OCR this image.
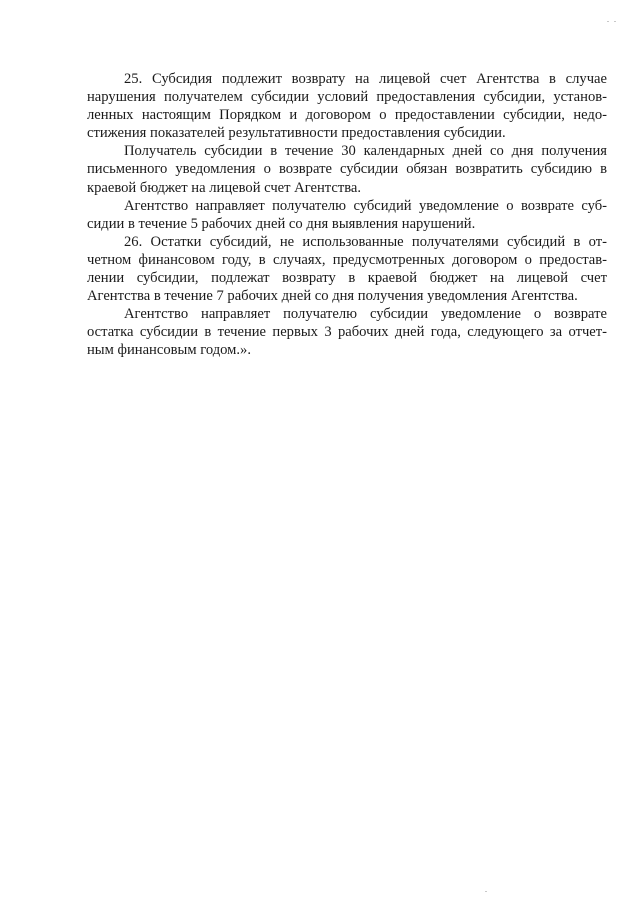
25. Субсидия подлежит возврату на лицевой счет Агентства в случае
нарушения получателем субсидии условий предоставления субсидии, установ-
ленных настоящим Порядком и договором о предоставлении субсидии, недо-
стижения показателей результативности предоставления субсидии.
Получатель субсидии в течение 30 календарных дней со дня получения
письменного уведомления о возврате субсидии обязан возвратить субсидию в
краевой бюджет на лицевой счет Агентства.
Агентство направляет получателю субсидий уведомление о возврате суб-
сидии в течение 5 рабочих дней со дня выявления нарушений.
26. Остатки субсидий, не использованные получателями субсидий в от-
четном финансовом году, в случаях, предусмотренных договором о предостав-
лении субсидии, подлежат возврату в краевой бюджет на лицевой счет
Агентства в течение 7 рабочих дней со дня получения уведомления Агентства.
Агентство направляет получателю субсидии уведомление о возврате
остатка субсидии в течение первых 3 рабочих дней года, следующего за отчет-
ным финансовым годом.».
